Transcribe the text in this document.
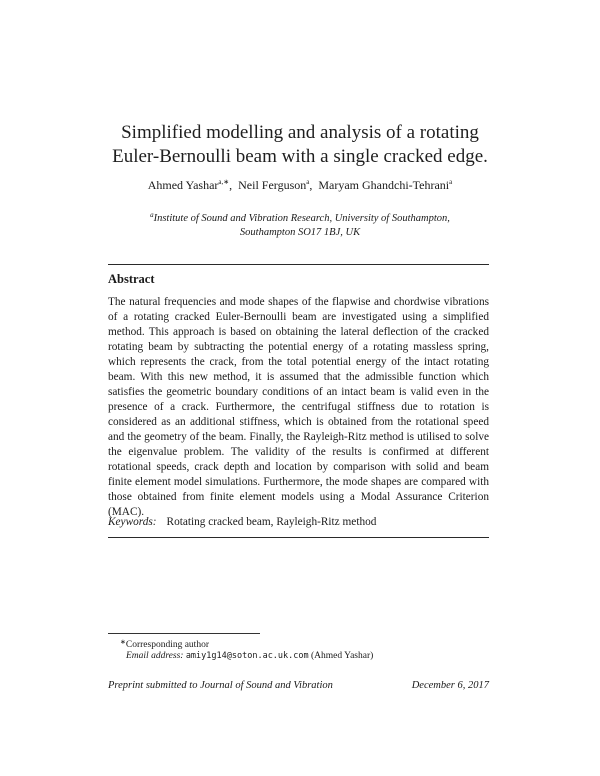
Simplified modelling and analysis of a rotating
Euler-Bernoulli beam with a single cracked edge.
Ahmed Yashar$^{a,∗}$,  Neil Ferguson$^a$,  Maryam Ghandchi-Tehrani$^a$
$^a$Institute of Sound and Vibration Research, University of Southampton,
Southampton SO17 1BJ, UK
Abstract
The natural frequencies and mode shapes of the flapwise and chordwise vibrations of a rotating cracked Euler-Bernoulli beam are investigated using a simplified method. This approach is based on obtaining the lateral deflection of the cracked rotating beam by subtracting the potential energy of a rotating massless spring, which represents the crack, from the total potential energy of the intact rotating beam. With this new method, it is assumed that the admissible function which satisfies the geometric boundary conditions of an intact beam is valid even in the presence of a crack. Furthermore, the centrifugal stiffness due to rotation is considered as an additional stiffness, which is obtained from the rotational speed and the geometry of the beam. Finally, the Rayleigh-Ritz method is utilised to solve the eigenvalue problem. The validity of the results is confirmed at different rotational speeds, crack depth and location by comparison with solid and beam finite element model simulations. Furthermore, the mode shapes are compared with those obtained from finite element models using a Modal Assurance Criterion (MAC).
Keywords: Rotating cracked beam, Rayleigh-Ritz method
∗Corresponding author
Email address: amiy1g14@soton.ac.uk.com (Ahmed Yashar)
Preprint submitted to Journal of Sound and Vibration	December 6, 2017
